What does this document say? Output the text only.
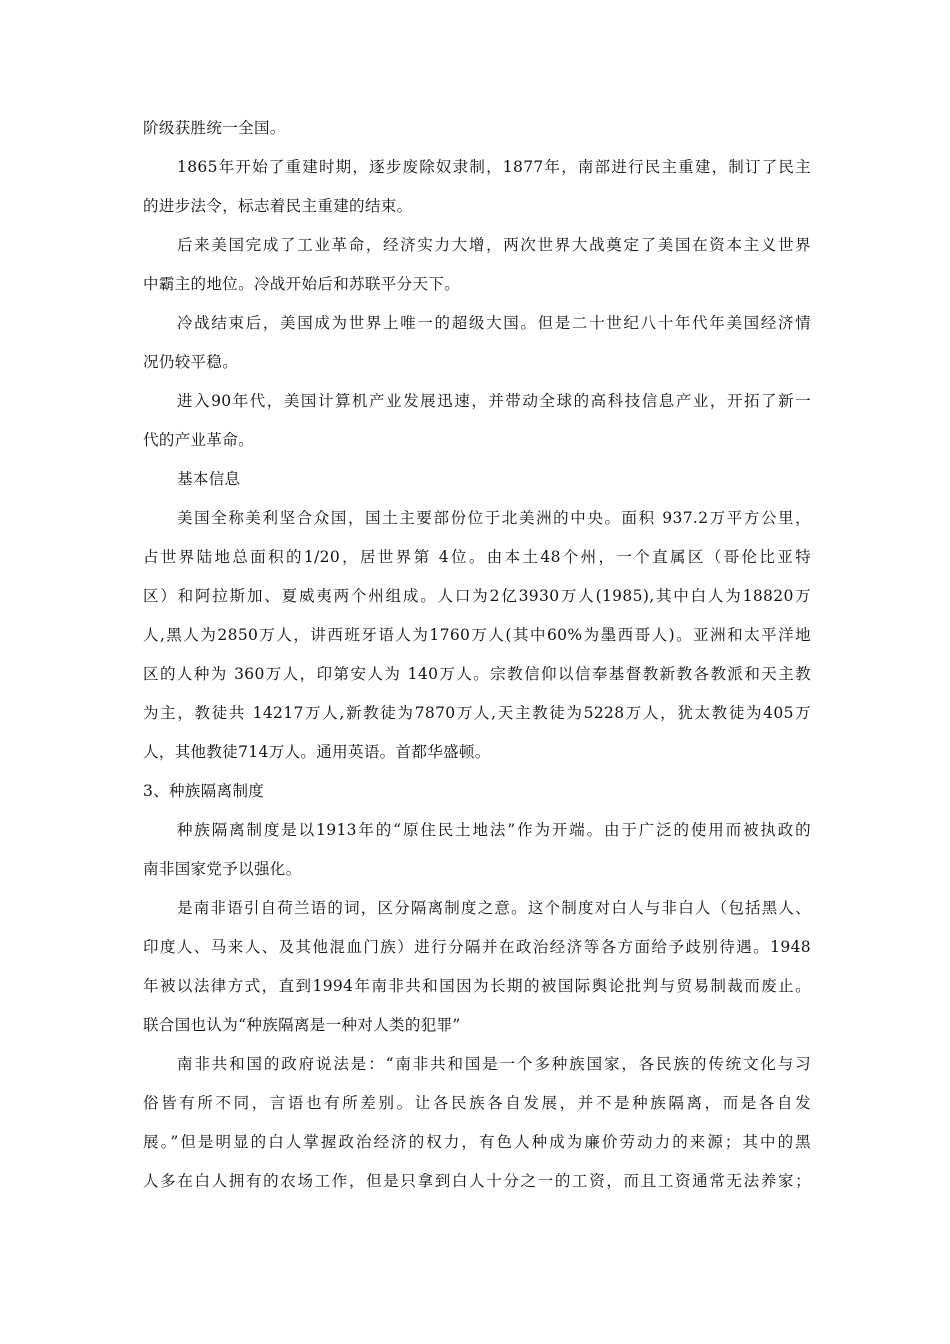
阶级获胜统一全国。
1865年开始了重建时期，逐步废除奴隶制，1877年，南部进行民主重建，制订了民主
的进步法令，标志着民主重建的结束。
后来美国完成了工业革命，经济实力大增，两次世界大战奠定了美国在资本主义世界
中霸主的地位。冷战开始后和苏联平分天下。
冷战结束后，美国成为世界上唯一的超级大国。但是二十世纪八十年代年美国经济情
况仍较平稳。
进入90年代，美国计算机产业发展迅速，并带动全球的高科技信息产业，开拓了新一
代的产业革命。
基本信息
美国全称美利坚合众国，国土主要部份位于北美洲的中央。面积 937.2万平方公里，
占世界陆地总面积的1/20，居世界第 4位。由本土48个州，一个直属区（哥伦比亚特
区）和阿拉斯加、夏威夷两个州组成。人口为2亿3930万人(1985),其中白人为18820万
人,黑人为2850万人，讲西班牙语人为1760万人(其中60%为墨西哥人)。亚洲和太平洋地
区的人种为 360万人，印第安人为 140万人。宗教信仰以信奉基督教新教各教派和天主教
为主，教徒共 14217万人,新教徒为7870万人,天主教徒为5228万人，犹太教徒为405万
人，其他教徒714万人。通用英语。首都华盛顿。
3、种族隔离制度
种族隔离制度是以1913年的“原住民土地法”作为开端。由于广泛的使用而被执政的
南非国家党予以强化。
是南非语引自荷兰语的词，区分隔离制度之意。这个制度对白人与非白人（包括黑人、
印度人、马来人、及其他混血门族）进行分隔并在政治经济等各方面给予歧别待遇。1948
年被以法律方式，直到1994年南非共和国因为长期的被国际舆论批判与贸易制裁而废止。
联合国也认为“种族隔离是一种对人类的犯罪”
南非共和国的政府说法是：“南非共和国是一个多种族国家，各民族的传统文化与习
俗皆有所不同，言语也有所差别。让各民族各自发展，并不是种族隔离，而是各自发
展。”但是明显的白人掌握政治经济的权力，有色人种成为廉价劳动力的来源；其中的黑
人多在白人拥有的农场工作，但是只拿到白人十分之一的工资，而且工资通常无法养家；
